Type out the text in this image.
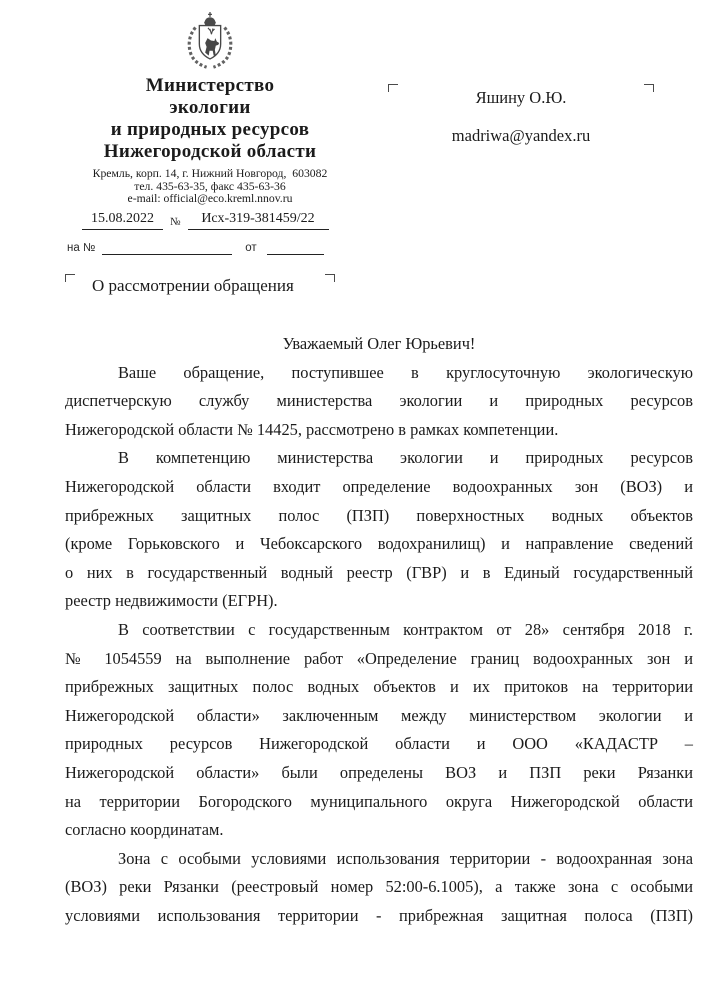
Министерство
экологии
и природных ресурсов
Нижегородской области
Кремль, корп. 14, г. Нижний Новгород,  603082
тел. 435-63-35, факс 435-63-36
e-mail: official@eco.kreml.nnov.ru
15.08.2022	№	Исх-319-381459/22
Яшину О.Ю.
madriwa@yandex.ru
на №	от
О рассмотрении обращения
Уважаемый Олег Юрьевич!
Ваше обращение, поступившее в круглосуточную экологическую
диспетчерскую службу министерства экологии и природных ресурсов
Нижегородской области № 14425, рассмотрено в рамках компетенции.
В компетенцию министерства экологии и природных ресурсов
Нижегородской области входит определение водоохранных зон (ВОЗ) и
прибрежных защитных полос (ПЗП) поверхностных водных объектов
(кроме Горьковского и Чебоксарского водохранилищ) и направление сведений
о них в государственный водный реестр (ГВР) и в Единый государственный
реестр недвижимости (ЕГРН).
В соответствии с государственным контрактом от 28» сентября 2018 г.
№ 1054559 на выполнение работ «Определение границ водоохранных зон и
прибрежных защитных полос водных объектов и их притоков на территории
Нижегородской области» заключенным между министерством экологии и
природных ресурсов Нижегородской области и ООО «КАДАСТР –
Нижегородской области» были определены ВОЗ и ПЗП реки Рязанки
на территории Богородского муниципального округа Нижегородской области
согласно координатам.
Зона с особыми условиями использования территории - водоохранная зона
(ВОЗ) реки Рязанки (реестровый номер 52:00-6.1005), а также зона с особыми
условиями использования территории - прибрежная защитная полоса (ПЗП)
